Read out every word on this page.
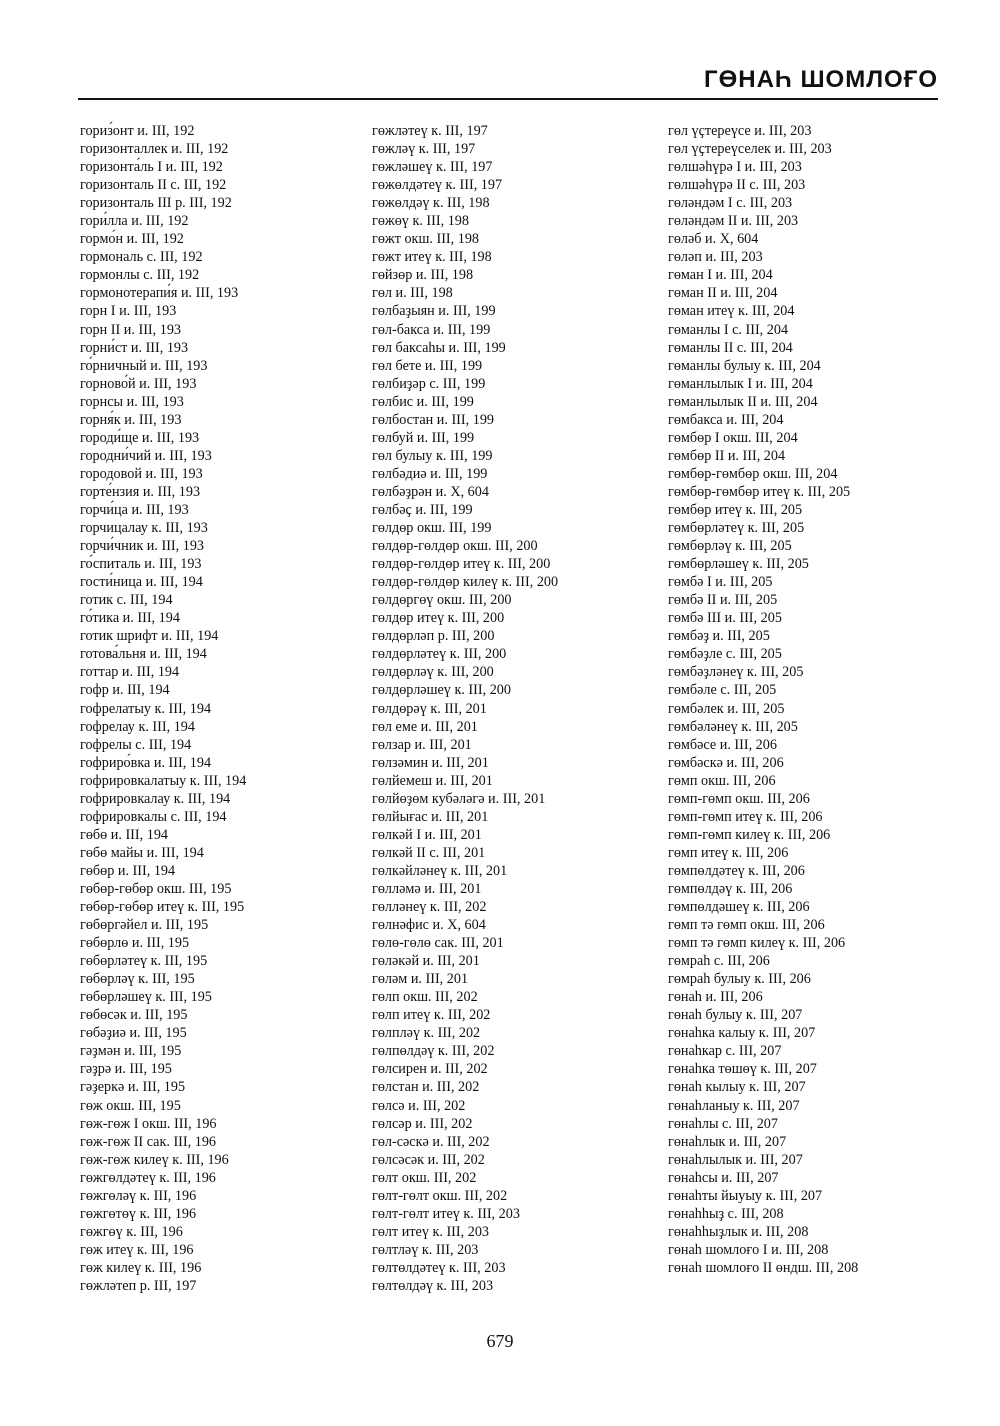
ГӨНАҺ ШОМЛОҒО
гориз́онт и. III, 192
горизонталлек и. III, 192
горизонта́ль I и. III, 192
горизонталь II с. III, 192
горизонталь III р. III, 192
гори́лла и. III, 192
гормо́н и. III, 192
гормональ с. III, 192
гормонлы с. III, 192
гормонотерапи́я и. III, 193
горн I и. III, 193
горн II и. III, 193
горни́ст и. III, 193
го́рничный и. III, 193
горново́й и. III, 193
горнсы и. III, 193
горня́к и. III, 193
городи́ще и. III, 193
городни́чий и. III, 193
городовой и. III, 193
горте́нзия и. III, 193
горчи́ца и. III, 193
горчицалау к. III, 193
горчи́чник и. III, 193
го́спиталь и. III, 193
гости́ница и. III, 194
готик с. III, 194
го́тика и. III, 194
готик шрифт и. III, 194
готова́льня и. III, 194
готтар и. III, 194
гофр и. III, 194
гофрелатыу к. III, 194
гофрелау к. III, 194
гофрелы с. III, 194
гофриро́вка и. III, 194
гофрировкалатыу к. III, 194
гофрировкалау к. III, 194
гофрировкалы с. III, 194
гөбө и. III, 194
гөбө майы и. III, 194
гөбөр и. III, 194
гөбөр-гөбөр окш. III, 195
гөбөр-гөбөр итеү к. III, 195
гөбөргәйел и. III, 195
гөбөрлө и. III, 195
гөбөрләтеү к. III, 195
гөбөрләү к. III, 195
гөбөрләшеү к. III, 195
гөбөсәк и. III, 195
гөбәҙиә и. III, 195
гәҙмән и. III, 195
гәҙрә и. III, 195
гәҙеркә и. III, 195
гөж окш. III, 195
гөж-гөж I окш. III, 196
гөж-гөж II сак. III, 196
гөж-гөж килеү к. III, 196
гөжгөлдәтеү к. III, 196
гөжгөләү к. III, 196
гөжгөтөү к. III, 196
гөжгөү к. III, 196
гөж итеү к. III, 196
гөж килеү к. III, 196
гөжләтеп р. III, 197
гөжләтеү к. III, 197
гөжләү к. III, 197
гөжләшеү к. III, 197
гөжөлдәтеү к. III, 197
гөжөлдәү к. III, 198
гөжөү к. III, 198
гөжт окш. III, 198
гөжт итеү к. III, 198
гөйзөр и. III, 198
гөл и. III, 198
гөлбаҙыян и. III, 199
гөл-бакса и. III, 199
гөл баксаһы и. III, 199
гөл бете и. III, 199
гөлбиҙәр с. III, 199
гөлбис и. III, 199
гөлбостан и. III, 199
гөлбуй и. III, 199
гөл булыу к. III, 199
гөлбәдиә и. III, 199
гөлбәҙрән и. X, 604
гөлбәҫ и. III, 199
гөлдөр окш. III, 199
гөлдөр-гөлдөр окш. III, 200
гөлдөр-гөлдөр итеү к. III, 200
гөлдөр-гөлдөр килеү к. III, 200
гөлдөргөү окш. III, 200
гөлдөр итеү к. III, 200
гөлдөрләп р. III, 200
гөлдөрләтеү к. III, 200
гөлдөрләү к. III, 200
гөлдөрләшеү к. III, 200
гөлдөрәү к. III, 201
гөл еме и. III, 201
гөлзар и. III, 201
гөлзәмин и. III, 201
гөлйемеш и. III, 201
гөлйөҙөм кубәләгә и. III, 201
гөлйығас и. III, 201
гөлкәй I и. III, 201
гөлкәй II с. III, 201
гөлкәйләнеү к. III, 201
гөлләмә и. III, 201
гөлләнеү к. III, 202
гөлнәфис и. X, 604
гөлө-гөлө сак. III, 201
гөләкәй и. III, 201
гөләм и. III, 201
гөлп окш. III, 202
гөлп итеү к. III, 202
гөлпләү к. III, 202
гөлпөлдәү к. III, 202
гөлсирен и. III, 202
гөлстан и. III, 202
гөлсә и. III, 202
гөлсәр и. III, 202
гөл-сәскә и. III, 202
гөлсәсәк и. III, 202
гөлт окш. III, 202
гөлт-гөлт окш. III, 202
гөлт-гөлт итеү к. III, 203
гөлт итеү к. III, 203
гөлтләү к. III, 203
гөлтөлдәтеү к. III, 203
гөлтөлдәү к. III, 203
гөл үҫтереүсе и. III, 203
гөл үҫтереүселек и. III, 203
гөлшәһүрә I и. III, 203
гөлшәһүрә II с. III, 203
гөләндәм I с. III, 203
гөләндәм II и. III, 203
гөләб и. X, 604
гөләп и. III, 203
гөман I и. III, 204
гөман II и. III, 204
гөман итеү к. III, 204
гөманлы I с. III, 204
гөманлы II с. III, 204
гөманлы булыу к. III, 204
гөманлылык I и. III, 204
гөманлылык II и. III, 204
гөмбакса и. III, 204
гөмбөр I окш. III, 204
гөмбөр II и. III, 204
гөмбөр-гөмбөр окш. III, 204
гөмбөр-гөмбөр итеү к. III, 205
гөмбөр итеү к. III, 205
гөмбөрләтеү к. III, 205
гөмбөрләү к. III, 205
гөмбөрләшеү к. III, 205
гөмбә I и. III, 205
гөмбә II и. III, 205
гөмбә III и. III, 205
гөмбәҙ и. III, 205
гөмбәҙле с. III, 205
гөмбәҙләнеү к. III, 205
гөмбәле с. III, 205
гөмбәлек и. III, 205
гөмбәләнеү к. III, 205
гөмбәсе и. III, 206
гөмбәскә и. III, 206
гөмп окш. III, 206
гөмп-гөмп окш. III, 206
гөмп-гөмп итеү к. III, 206
гөмп-гөмп килеү к. III, 206
гөмп итеү к. III, 206
гөмпөлдәтеү к. III, 206
гөмпөлдәү к. III, 206
гөмпөлдәшеү к. III, 206
гөмп тә гөмп окш. III, 206
гөмп тә гөмп килеү к. III, 206
гөмраһ с. III, 206
гөмраһ булыу к. III, 206
гөнаһ и. III, 206
гөнаһ булыу к. III, 207
гөнаһка калыу к. III, 207
гөнаһкар с. III, 207
гөнаһка төшөү к. III, 207
гөнаһ кылыу к. III, 207
гөнаһланыу к. III, 207
гөнаһлы с. III, 207
гөнаһлык и. III, 207
гөнаһлылык и. III, 207
гөнаһсы и. III, 207
гөнаһты йыуыу к. III, 207
гөнаһһыҙ с. III, 208
гөнаһһыҙлык и. III, 208
гөнаһ шомлоғо I и. III, 208
гөнаһ шомлоғо II өндш. III, 208
679
